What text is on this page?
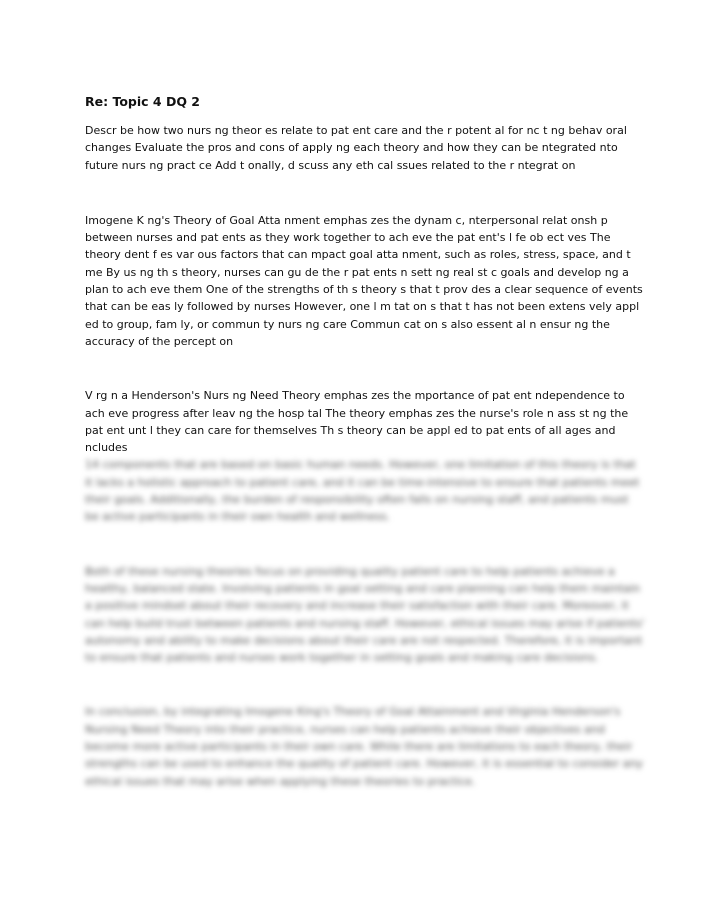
Re: Topic 4 DQ 2

Descr be how two nurs ng theor es relate to pat ent care and the r potent al for nc t ng behav oral changes Evaluate the pros and cons of apply ng each theory and how they can be ntegrated nto future nurs ng pract ce Add t onally, d scuss any eth cal ssues related to the r ntegrat on

Imogene K ng's Theory of Goal Atta nment emphas zes the dynam c, nterpersonal relat onsh p between nurses and pat ents as they work together to ach eve the pat ent's l fe ob ect ves The theory dent f es var ous factors that can mpact goal atta nment, such as roles, stress, space, and t me By us ng th s theory, nurses can gu de the r pat ents n sett ng real st c goals and develop ng a plan to ach eve them One of the strengths of th s theory s that t prov des a clear sequence of events that can be eas ly followed by nurses However, one l m tat on s that t has not been extens vely appl ed to group, fam ly, or commun ty nurs ng care Commun cat on s also essent al n ensur ng the accuracy of the percept on

V rg n a Henderson's Nurs ng Need Theory emphas zes the mportance of pat ent ndependence to ach eve progress after leav ng the hosp tal The theory emphas zes the nurse's role n ass st ng the pat ent unt l they can care for themselves Th s theory can be appl ed to pat ents of all ages and ncludes

14 components that are based on basic human needs. However, one limitation of this theory is that it lacks a holistic approach to patient care, and it can be time-intensive to ensure that patients meet their goals. Additionally, the burden of responsibility often falls on nursing staff, and patients must be active participants in their own health and wellness.

Both of these nursing theories focus on providing quality patient care to help patients achieve a healthy, balanced state. Involving patients in goal setting and care planning can help them maintain a positive mindset about their recovery and increase their satisfaction with their care. Moreover, it can help build trust between patients and nursing staff. However, ethical issues may arise if patients' autonomy and ability to make decisions about their care are not respected. Therefore, it is important to ensure that patients and nurses work together in setting goals and making care decisions.

In conclusion, by integrating Imogene King's Theory of Goal Attainment and Virginia Henderson's Nursing Need Theory into their practice, nurses can help patients achieve their objectives and become more active participants in their own care. While there are limitations to each theory, their strengths can be used to enhance the quality of patient care. However, it is essential to consider any ethical issues that may arise when applying these theories to practice.
